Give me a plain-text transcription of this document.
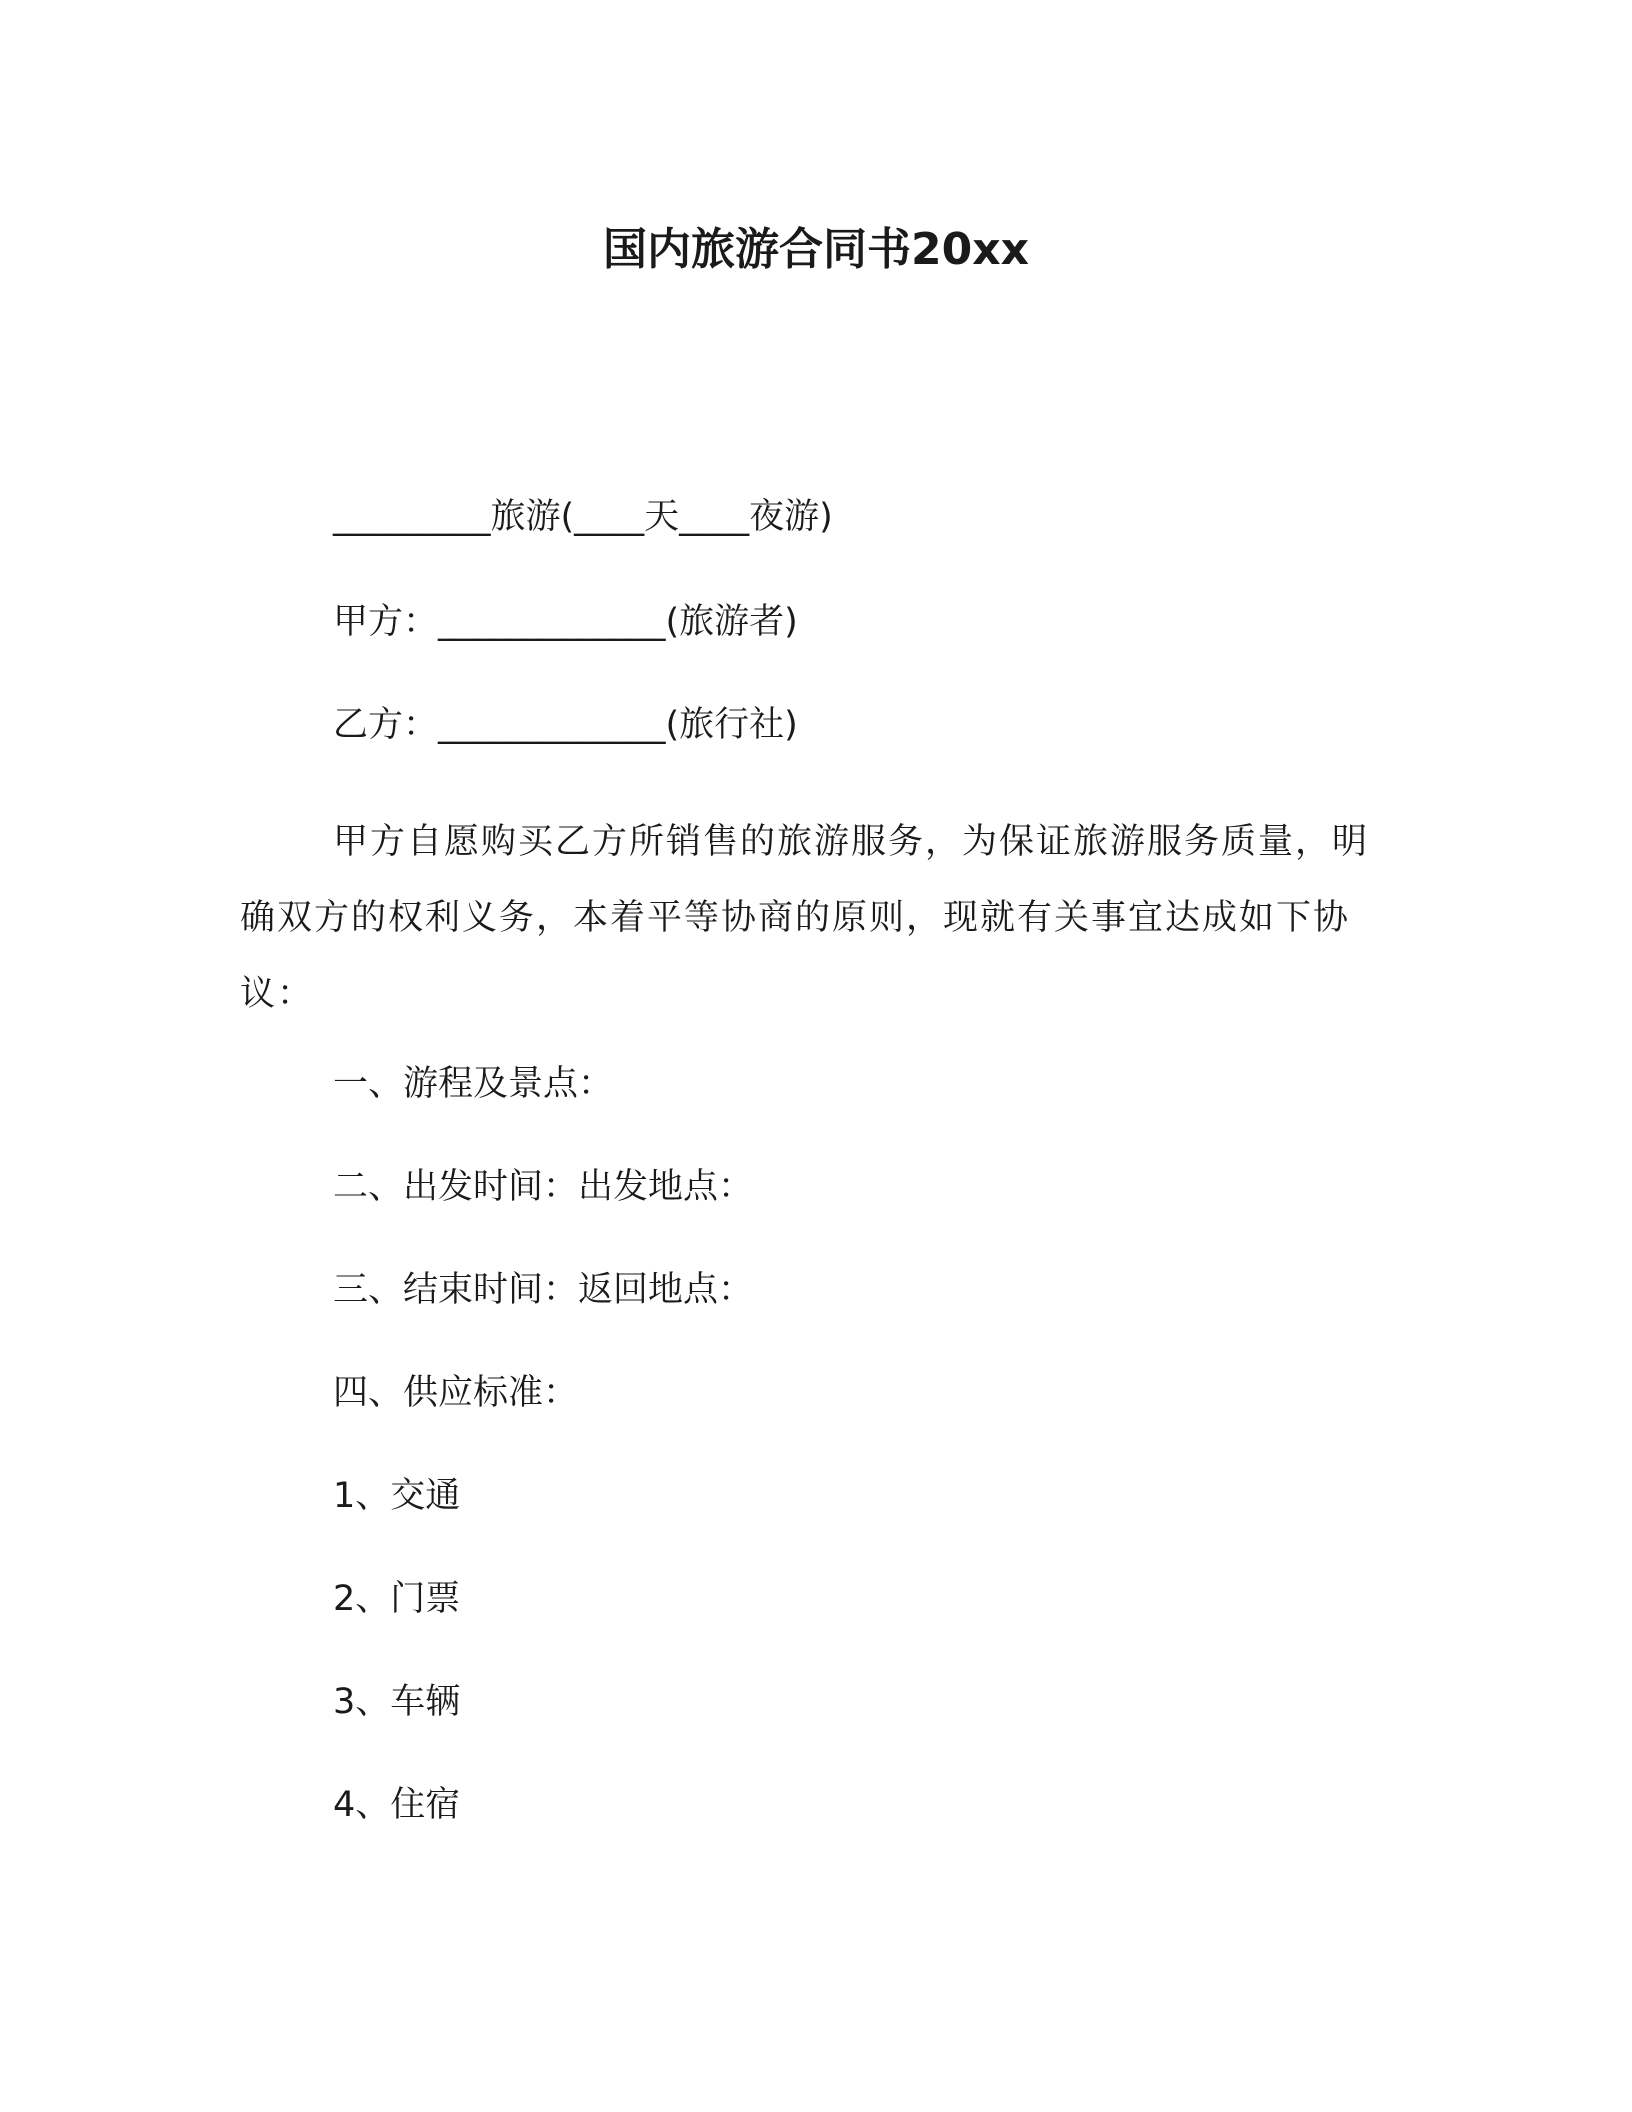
国内旅游合同书20xx
_________旅游(____天____夜游)
甲方：_____________(旅游者)
乙方：_____________(旅行社)
甲方自愿购买乙方所销售的旅游服务，为保证旅游服务质量，明确双方的权利义务，本着平等协商的原则，现就有关事宜达成如下协议：
一、游程及景点：
二、出发时间：出发地点：
三、结束时间：返回地点：
四、供应标准：
1、交通
2、门票
3、车辆
4、住宿
